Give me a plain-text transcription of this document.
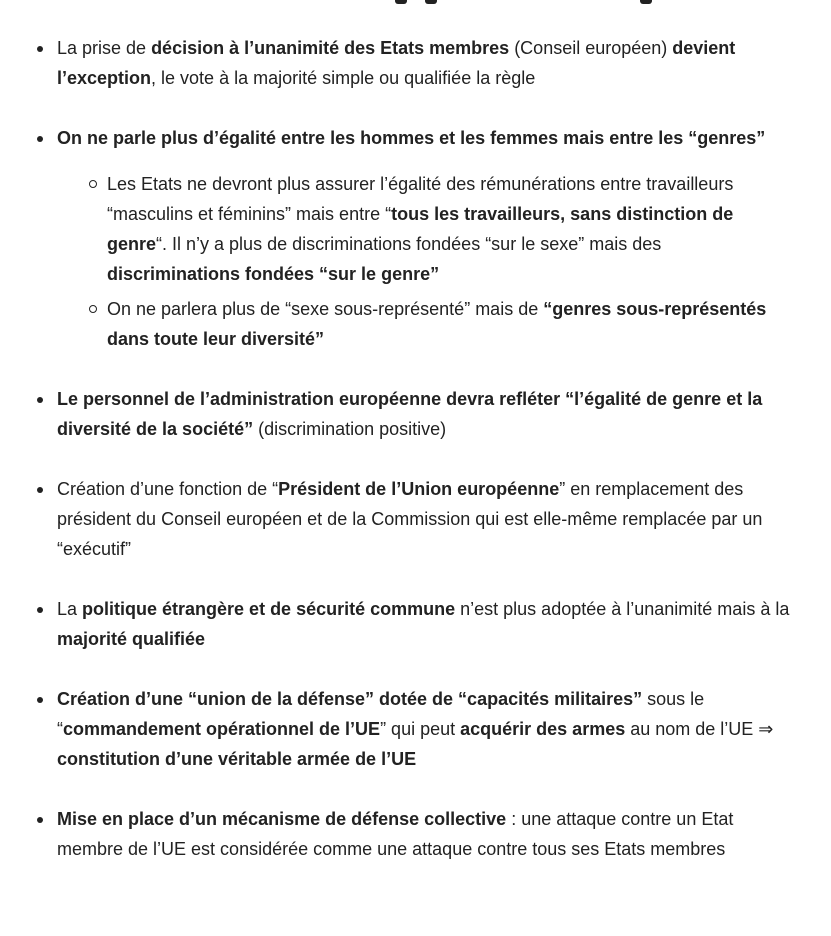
La prise de décision à l’unanimité des Etats membres (Conseil européen) devient l’exception, le vote à la majorité simple ou qualifiée la règle
On ne parle plus d’égalité entre les hommes et les femmes mais entre les “genres”
Les Etats ne devront plus assurer l’égalité des rémunérations entre travailleurs “masculins et féminins” mais entre “tous les travailleurs, sans distinction de genre“. Il n’y a plus de discriminations fondées “sur le sexe” mais des discriminations fondées “sur le genre”
On ne parlera plus de “sexe sous-représenté” mais de “genres sous-représentés dans toute leur diversité”
Le personnel de l’administration européenne devra refléter “l’égalité de genre et la diversité de la société” (discrimination positive)
Création d’une fonction de “Président de l’Union européenne” en remplacement des président du Conseil européen et de la Commission qui est elle-même remplacée par un “exécutif”
La politique étrangère et de sécurité commune n’est plus adoptée à l’unanimité mais à la majorité qualifiée
Création d’une “union de la défense” dotée de “capacités militaires” sous le “commandement opérationnel de l’UE” qui peut acquérir des armes au nom de l’UE ⇒ constitution d’une véritable armée de l’UE
Mise en place d’un mécanisme de défense collective : une attaque contre un Etat membre de l’UE est considérée comme une attaque contre tous ses Etats membres
